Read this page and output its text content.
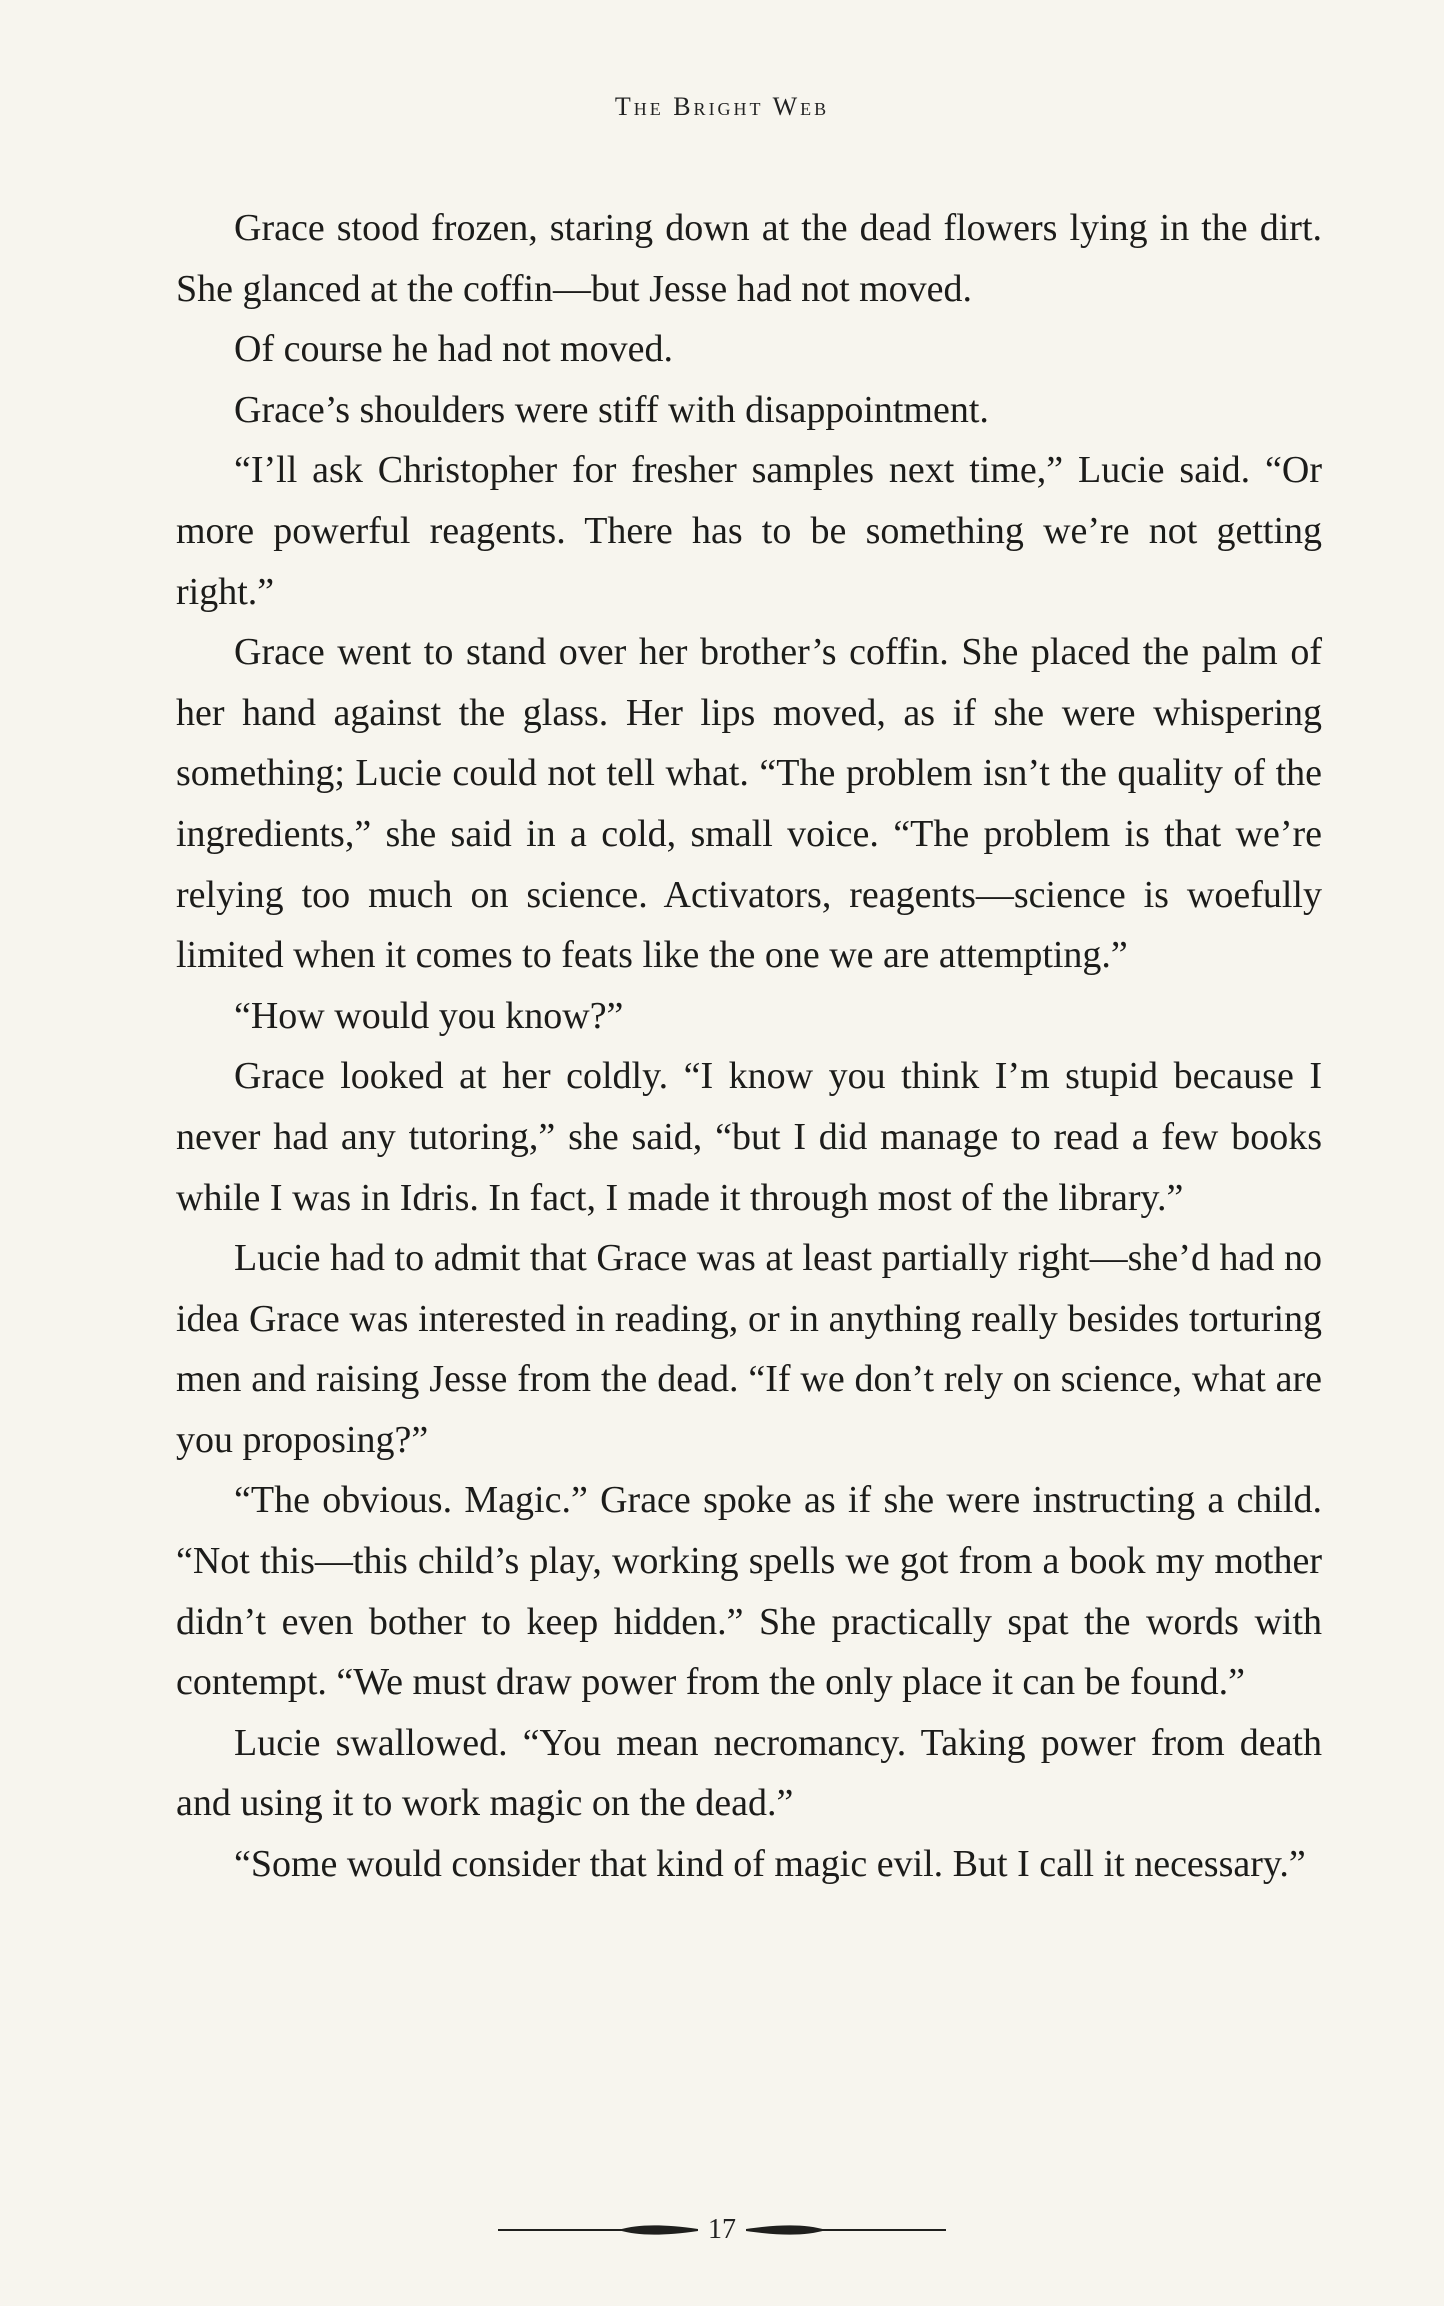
The Bright Web

Grace stood frozen, staring down at the dead flowers lying in the dirt. She glanced at the coffin—but Jesse had not moved.

Of course he had not moved.

Grace’s shoulders were stiff with disappointment.

“I’ll ask Christopher for fresher samples next time,” Lucie said. “Or more powerful reagents. There has to be something we’re not getting right.”

Grace went to stand over her brother’s coffin. She placed the palm of her hand against the glass. Her lips moved, as if she were whispering something; Lucie could not tell what. “The problem isn’t the quality of the ingredients,” she said in a cold, small voice. “The problem is that we’re relying too much on science. Activators, reagents—science is woefully limited when it comes to feats like the one we are attempting.”

“How would you know?”

Grace looked at her coldly. “I know you think I’m stupid because I never had any tutoring,” she said, “but I did manage to read a few books while I was in Idris. In fact, I made it through most of the library.”

Lucie had to admit that Grace was at least partially right—she’d had no idea Grace was interested in reading, or in anything really besides torturing men and raising Jesse from the dead. “If we don’t rely on science, what are you proposing?”

“The obvious. Magic.” Grace spoke as if she were instructing a child. “Not this—this child’s play, working spells we got from a book my mother didn’t even bother to keep hidden.” She practically spat the words with contempt. “We must draw power from the only place it can be found.”

Lucie swallowed. “You mean necromancy. Taking power from death and using it to work magic on the dead.”

“Some would consider that kind of magic evil. But I call it necessary.”

17
